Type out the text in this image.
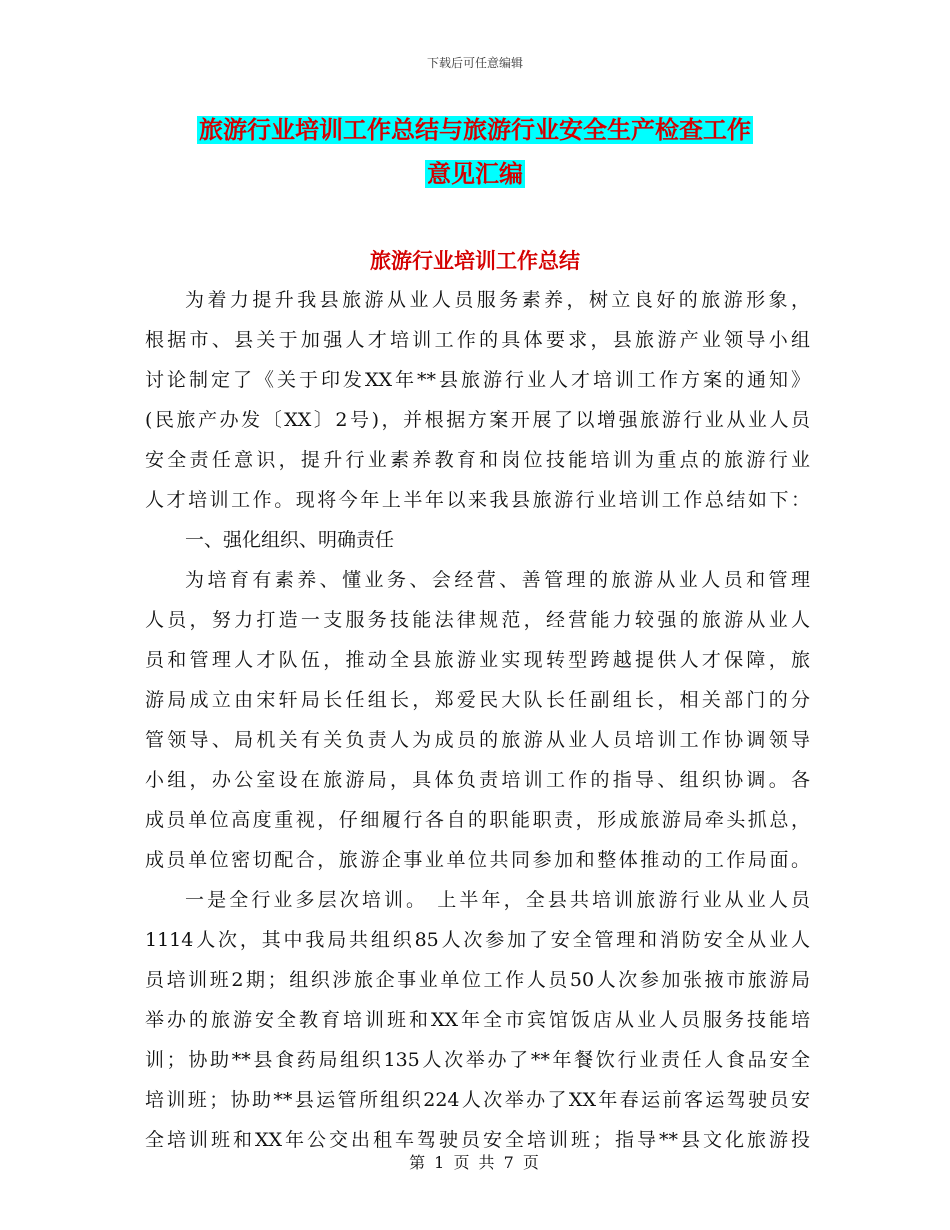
下载后可任意编辑
旅游行业培训工作总结与旅游行业安全生产检查工作
意见汇编
旅游行业培训工作总结
为着力提升我县旅游从业人员服务素养，树立良好的旅游形象，
根据市、县关于加强人才培训工作的具体要求，县旅游产业领导小组
讨论制定了《关于印发XX年**县旅游行业人才培训工作方案的通知》
(民旅产办发〔XX〕2号)，并根据方案开展了以增强旅游行业从业人员
安全责任意识，提升行业素养教育和岗位技能培训为重点的旅游行业
人才培训工作。现将今年上半年以来我县旅游行业培训工作总结如下：
一、强化组织、明确责任
为培育有素养、懂业务、会经营、善管理的旅游从业人员和管理
人员，努力打造一支服务技能法律规范，经营能力较强的旅游从业人
员和管理人才队伍，推动全县旅游业实现转型跨越提供人才保障，旅
游局成立由宋轩局长任组长，郑爱民大队长任副组长，相关部门的分
管领导、局机关有关负责人为成员的旅游从业人员培训工作协调领导
小组，办公室设在旅游局，具体负责培训工作的指导、组织协调。各
成员单位高度重视，仔细履行各自的职能职责，形成旅游局牵头抓总，
成员单位密切配合，旅游企事业单位共同参加和整体推动的工作局面。
一是全行业多层次培训。 上半年，全县共培训旅游行业从业人员
1114人次，其中我局共组织85人次参加了安全管理和消防安全从业人
员培训班2期；组织涉旅企事业单位工作人员50人次参加张掖市旅游局
举办的旅游安全教育培训班和XX年全市宾馆饭店从业人员服务技能培
训；协助**县食药局组织135人次举办了**年餐饮行业责任人食品安全
培训班；协助**县运管所组织224人次举办了XX年春运前客运驾驶员安
全培训班和XX年公交出租车驾驶员安全培训班；指导**县文化旅游投
第 1 页 共 7 页
